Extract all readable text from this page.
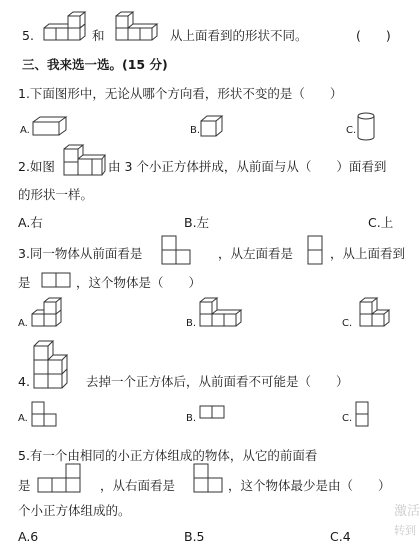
5.	和	从上面看到的形状不同。	(　　)
三、我来选一选。(15 分)
1.下面图形中，无论从哪个方向看，形状不变的是（　　）
A.	B.	C.
2.如图	由 3 个小正方体拼成，从前面与从（　　）面看到
的形状一样。
A.右	B.左	C.上
3.同一物体从前面看是	，从左面看是	，从上面看到
是	，这个物体是（　　）
A.	B.	C.
4.	去掉一个正方体后，从前面看不可能是（　　）
A.	B.	C.
5.有一个由相同的小正方体组成的物体，从它的前面看
是	，从右面看是	，这个物体最少是由（　　）
个小正方体组成的。
A.6	B.5	C.4
激活
转到
